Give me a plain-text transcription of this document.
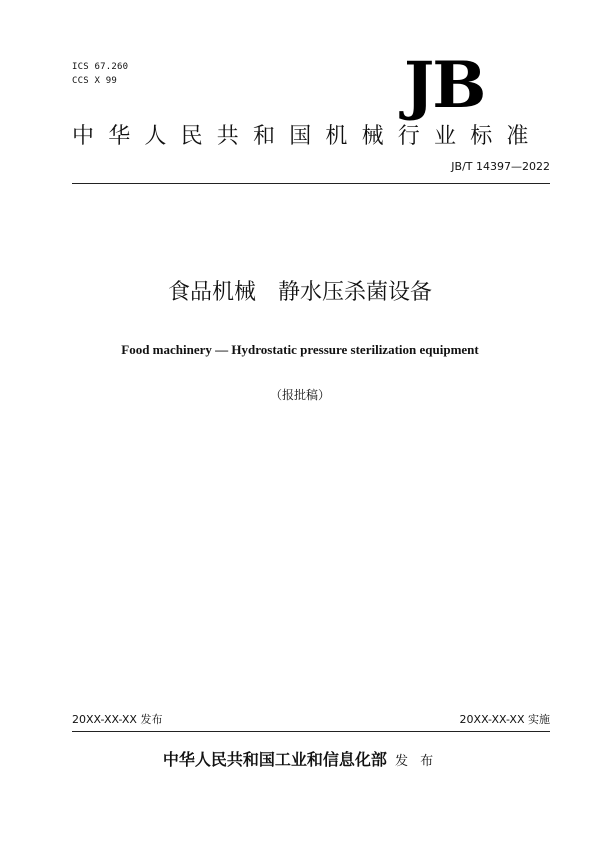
ICS 67.260
CCS X 99	JB
中华人民共和国机械行业标准
JB/T 14397—2022
食品机械　静水压杀菌设备
Food machinery — Hydrostatic pressure sterilization equipment
（报批稿）
20XX-XX-XX 发布	20XX-XX-XX 实施
中华人民共和国工业和信息化部 发 布
